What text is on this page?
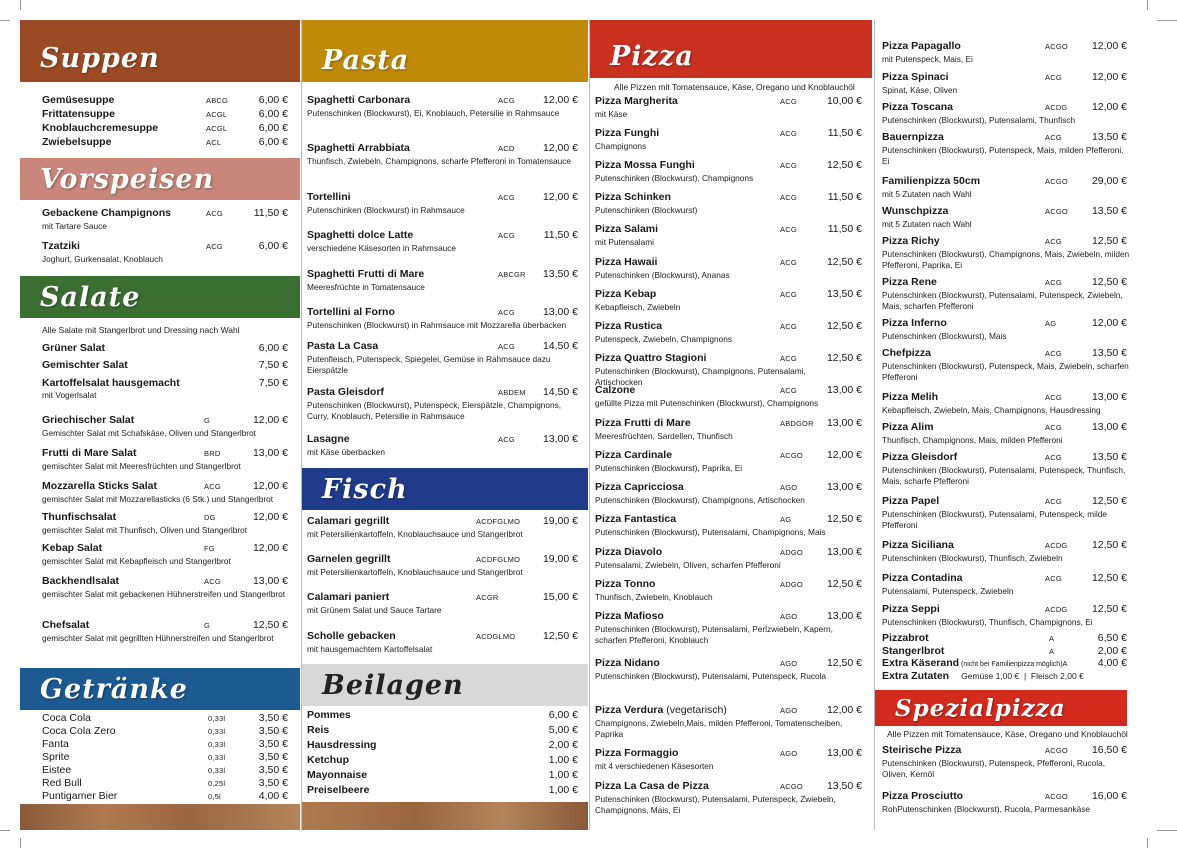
Suppen
Vorspeisen
Alle Salate mit Stangerlbrot und Dressing nach Wahl
Salate
Getränke
Gemüsesuppe	ABCG	6,00 €
Frittatensuppe	ACGL	6,00 €
Knoblauchcremesuppe	ACGL	6,00 €
Zwiebelsuppe	ACL	6,00 €
Gebackene Champignons	ACG	11,50 €
mit Tartare Sauce
Tzatziki	ACG	6,00 €
Joghurt, Gurkensalat, Knoblauch
Grüner Salat	6,00 €
Gemischter Salat	7,50 €
Kartoffelsalat hausgemacht	7,50 €
mit Vogerlsalat
Griechischer Salat	G	12,00 €
Gemischter Salat mit Schafskäse, Oliven und Stangerlbrot
Frutti di Mare Salat	BRD	13,00 €
gemischter Salat mit Meeresfrüchten und Stangerlbrot
Mozzarella Sticks Salat	ACG	12,00 €
gemischter Salat mit Mozzarellasticks (6 Stk.) und Stangerlbrot
Thunfischsalat	DG	12,00 €
gemischter Salat mit Thunfisch, Oliven und Stangerlbrot
Kebap Salat	FG	12,00 €
gemischter Salat mit Kebapfleisch und Stangerlbrot
Backhendlsalat	ACG	13,00 €
gemischter Salat mit gebackenen Hühnerstreifen und Stangerlbrot
Chefsalat	G	12,50 €
gemischter Salat mit gegrillten Hühnerstreifen und Stangerlbrot
Coca Cola	0,33l	3,50 €
Coca Cola Zero	0,33l	3,50 €
Fanta	0,33l	3,50 €
Sprite	0,33l	3,50 €
Eistee	0,33l	3,50 €
Red Bull	0,25l	3,50 €
Puntigamer Bier	0,5l	4,00 €
Pasta
Fisch
Beilagen
Spaghetti Carbonara	ACG	12,00 €
Putenschinken (Blockwurst), Ei, Knoblauch, Petersilie in Rahmsauce
Spaghetti Arrabbiata	ACD	12,00 €
Thunfisch, Zwiebeln, Champignons, scharfe Pfefferoni in Tomatensauce
Tortellini	ACG	12,00 €
Putenschinken (Blockwurst) in Rahmsauce
Spaghetti dolce Latte	ACG	11,50 €
verschiedene Käsesorten in Rahmsauce
Spaghetti Frutti di Mare	ABCGR	13,50 €
Meeresfrüchte in Tomatensauce
Tortellini al Forno	ACG	13,00 €
Putenschinken (Blockwurst) in Rahmsauce mit Mozzarella überbacken
Pasta La Casa	ACG	14,50 €
Putenfleisch, Putenspeck, Spiegelei, Gemüse in Rahmsauce dazu Eierspätzle
Pasta Gleisdorf	ABDEM	14,50 €
Putenschinken (Blockwurst), Putenspeck, Eierspätzle, Champignons, Curry, Knoblauch, Petersilie in Rahmsauce
Lasagne	ACG	13,00 €
mit Käse überbacken
Calamari gegrillt	ACDFGLMO	19,00 €
mit Petersilienkartoffeln, Knoblauchsauce und Stangerlbrot
Garnelen gegrillt	ACDFGLMO	19,00 €
mit Petersilienkartoffeln, Knoblauchsauce und Stangerlbrot
Calamari paniert	ACGR	15,00 €
mit Grünem Salat und Sauce Tartare
Scholle gebacken	ACDGLMO	12,50 €
mit hausgemachtem Kartoffelsalat
Pommes	6,00 €
Reis	5,00 €
Hausdressing	2,00 €
Ketchup	1,00 €
Mayonnaise	1,00 €
Preiselbeere	1,00 €
Pizza
Alle Pizzen mit Tomatensauce, Käse, Oregano und Knoblauchöl
Pizza Margherita	ACG	10,00 €
mit Käse
Pizza Funghi	ACG	11,50 €
Champignons
Pizza Mossa Funghi	ACG	12,50 €
Putenschinken (Blockwurst), Champignons
Pizza Schinken	ACG	11,50 €
Putenschinken (Blockwurst)
Pizza Salami	ACG	11,50 €
mit Putensalami
Pizza Hawaii	ACG	12,50 €
Putenschinken (Blockwurst), Ananas
Pizza Kebap	ACG	13,50 €
Kebapfleisch, Zwiebeln
Pizza Rustica	ACG	12,50 €
Putenspeck, Zwiebeln, Champignons
Pizza Quattro Stagioni	ACG	12,50 €
Putenschinken (Blockwurst), Champignons, Putensalami, Artischocken
Calzone	ACG	13,00 €
gefüllte Pizza mit Putenschinken (Blockwurst), Champignons
Pizza Frutti di Mare	ABDGOR	13,00 €
Meeresfrüchten, Sardellen, Thunfisch
Pizza Cardinale	ACGO	12,00 €
Putenschinken (Blockwurst), Paprika, Ei
Pizza Capricciosa	AGO	13,00 €
Putenschinken (Blockwurst), Champignons, Artischocken
Pizza Fantastica	AG	12,50 €
Putenschinken (Blockwurst), Putensalami, Champignons, Mais
Pizza Diavolo	ADGO	13,00 €
Putensalami, Zwiebeln, Oliven, scharfen Pfefferoni
Pizza Tonno	ADGO	12,50 €
Thunfisch, Zwiebeln, Knoblauch
Pizza Mafioso	AGO	13,00 €
Putenschinken (Blockwurst), Putensalami, Perlzwiebeln, Kapern, scharfen Pfefferoni, Knoblauch
Pizza Nidano	AGO	12,50 €
Putenschinken (Blockwurst), Putensalami, Putenspeck, Rucola
Pizza Verdura (vegetarisch)	AGO	12,00 €
Champignons, Zwiebeln,Mais, milden Pfefferoni, Tomatenscheiben, Paprika
Pizza Formaggio	AGO	13,00 €
mit 4 verschiedenen Käsesorten
Pizza La Casa de Pizza	ACGO	13,50 €
Putenschinken (Blockwurst), Putensalami, Putenspeck, Zwiebeln, Champignons, Mais, Ei
Spezialpizza
Alle Pizzen mit Tomatensauce, Käse, Oregano und Knoblauchöl
Pizza Papagallo	ACGO	12,00 €
mit Putenspeck, Mais, Ei
Pizza Spinaci	ACG	12,00 €
Spinat, Käse, Oliven
Pizza Toscana	ACDG	12,00 €
Putenschinken (Blockwurst), Putensalami, Thunfisch
Bauernpizza	ACG	13,50 €
Putenschinken (Blockwurst), Putenspeck, Mais, milden Pfefferoni, Ei
Familienpizza 50cm	ACGO	29,00 €
mit 5 Zutaten nach Wahl
Wunschpizza	ACGO	13,50 €
mit 5 Zutaten nach Wahl
Pizza Richy	ACG	12,50 €
Putenschinken (Blockwurst), Champignons, Mais, Zwiebeln, milden Pfefferoni, Paprika, Ei
Pizza Rene	ACG	12,50 €
Putenschinken (Blockwurst), Putensalami, Putenspeck, Zwiebeln, Mais, scharfen Pfefferoni
Pizza Inferno	AG	12,00 €
Putenschinken (Blockwurst), Mais
Chefpizza	ACG	13,50 €
Putenschinken (Blockwurst), Putenspeck, Mais, Zwiebeln, scharfen Pfefferoni
Pizza Melih	ACG	13,00 €
Kebapfleisch, Zwiebeln, Mais, Champignons, Hausdressing
Pizza Alim	ACG	13,00 €
Thunfisch, Champignons, Mais, milden Pfefferoni
Pizza Gleisdorf	ACG	13,50 €
Putenschinken (Blockwurst), Putensalami, Putenspeck, Thunfisch, Mais, scharfe Pfefferoni
Pizza Papel	ACG	12,50 €
Putenschinken (Blockwurst), Putensalami, Putenspeck, milde Pfefferoni
Pizza Siciliana	ACDG	12,50 €
Putenschinken (Blockwurst), Thunfisch, Zwiebeln
Pizza Contadina	ACG	12,50 €
Putensalami, Putenspeck, Zwiebeln
Pizza Seppi	ACDG	12,50 €
Putenschinken (Blockwurst), Thunfisch, Champignons, Ei
Pizzabrot	A	6,50 €
Stangerlbrot	A	2,00 €
Extra Käserand (nicht bei Familienpizza möglich) A	4,00 €
Extra Zutaten Gemüse 1,00 €  |  Fleisch 2,00 €
Steirische Pizza	ACGO	16,50 €
Putenschinken (Blockwurst), Putenspeck, Pfefferoni, Rucola, Oliven, Kernöl
Pizza Prosciutto	ACGO	16,00 €
RohPutenschinken (Blockwurst), Rucola, Parmesankäse
